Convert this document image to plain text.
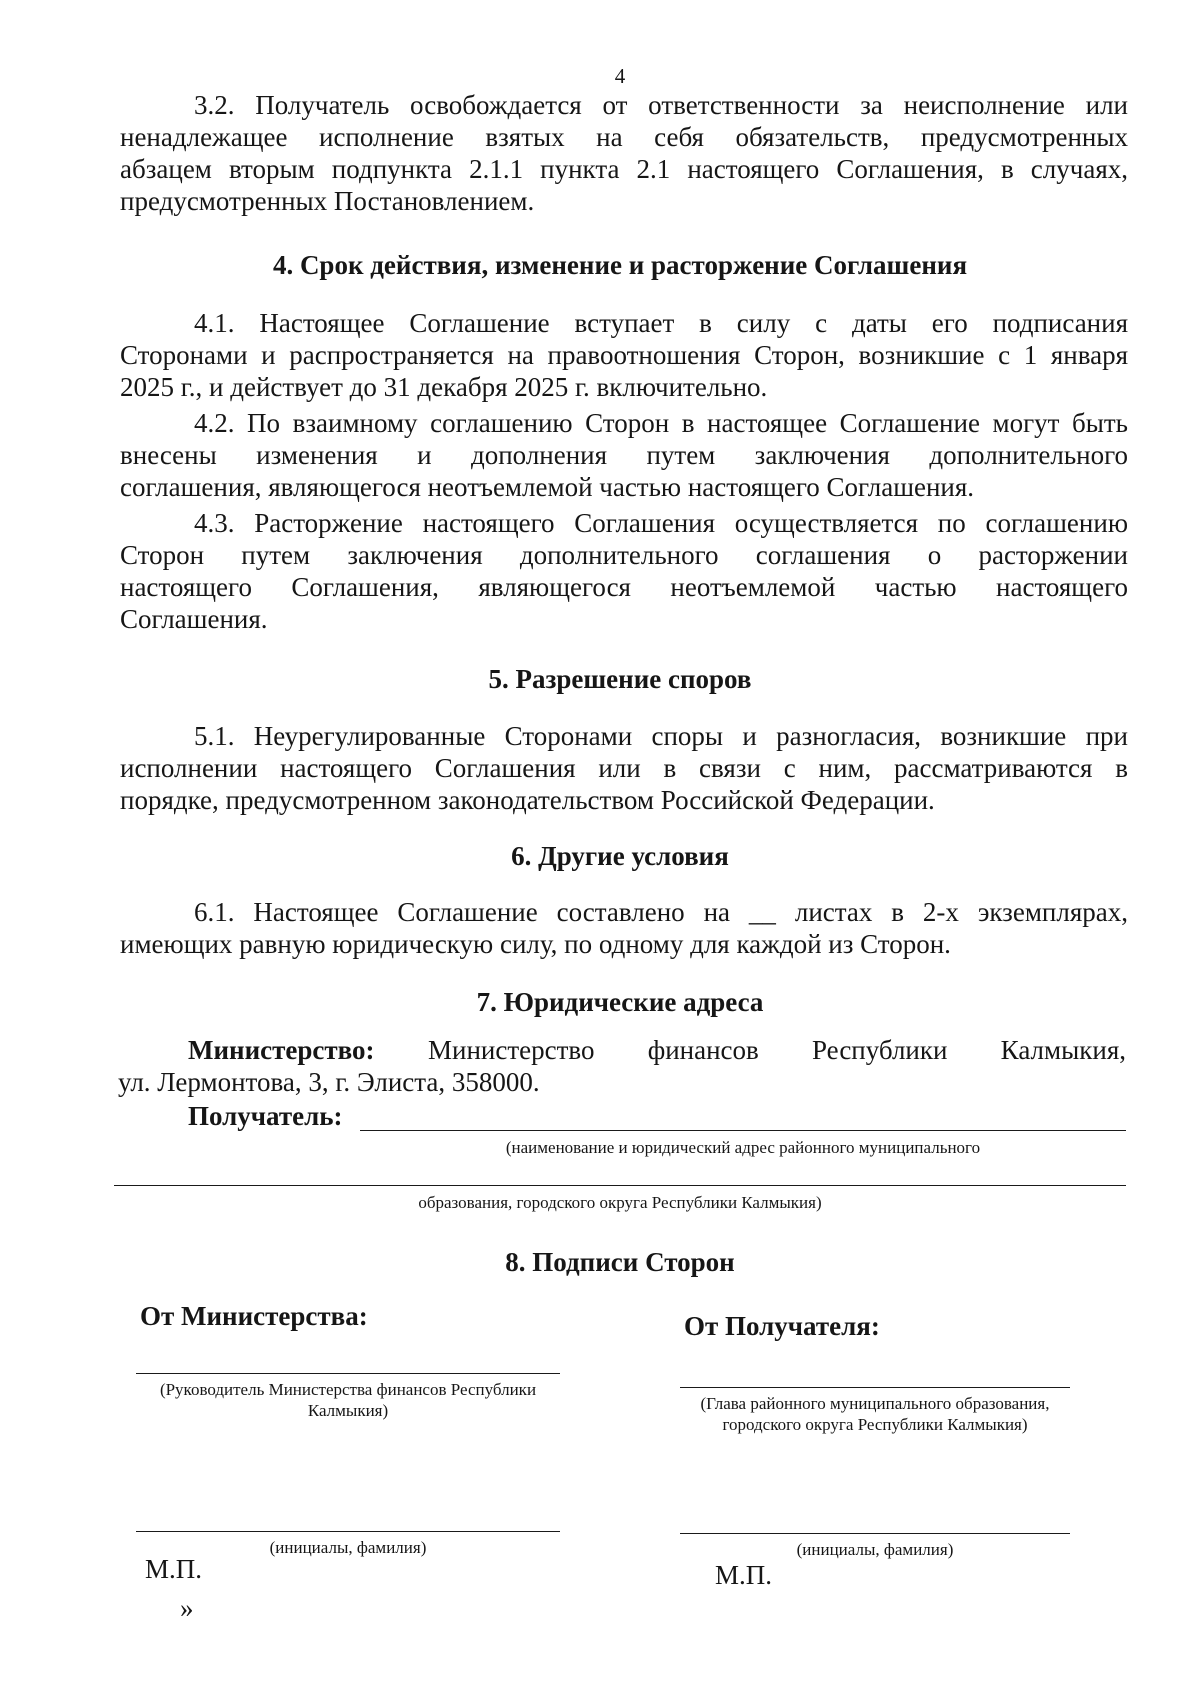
4
3.2. Получатель освобождается от ответственности за неисполнение или
ненадлежащее исполнение взятых на себя обязательств, предусмотренных
абзацем вторым подпункта 2.1.1 пункта 2.1 настоящего Соглашения, в случаях,
предусмотренных Постановлением.
4. Срок действия, изменение и расторжение Соглашения
4.1. Настоящее Соглашение вступает в силу с даты его подписания
Сторонами и распространяется на правоотношения Сторон, возникшие с 1 января
2025 г., и действует до 31 декабря 2025 г. включительно.
4.2. По взаимному соглашению Сторон в настоящее Соглашение могут быть
внесены изменения и дополнения путем заключения дополнительного
соглашения, являющегося неотъемлемой частью настоящего Соглашения.
4.3. Расторжение настоящего Соглашения осуществляется по соглашению
Сторон путем заключения дополнительного соглашения о расторжении
настоящего Соглашения, являющегося неотъемлемой частью настоящего
Соглашения.
5. Разрешение споров
5.1. Неурегулированные Сторонами споры и разногласия, возникшие при
исполнении настоящего Соглашения или в связи с ним, рассматриваются в
порядке, предусмотренном законодательством Российской Федерации.
6. Другие условия
6.1. Настоящее Соглашение составлено на __ листах в 2-х экземплярах,
имеющих равную юридическую силу, по одному для каждой из Сторон.
7. Юридические адреса
Министерство: Министерство финансов Республики Калмыкия,
ул. Лермонтова, 3, г. Элиста, 358000.
Получатель:
(наименование и юридический адрес районного муниципального
образования, городского округа Республики Калмыкия)
8. Подписи Сторон
От Министерства:
(Руководитель Министерства финансов Республики
Калмыкия)
(инициалы, фамилия)
М.П.
»
От Получателя:
(Глава районного муниципального образования,
городского округа Республики Калмыкия)
(инициалы, фамилия)
М.П.
